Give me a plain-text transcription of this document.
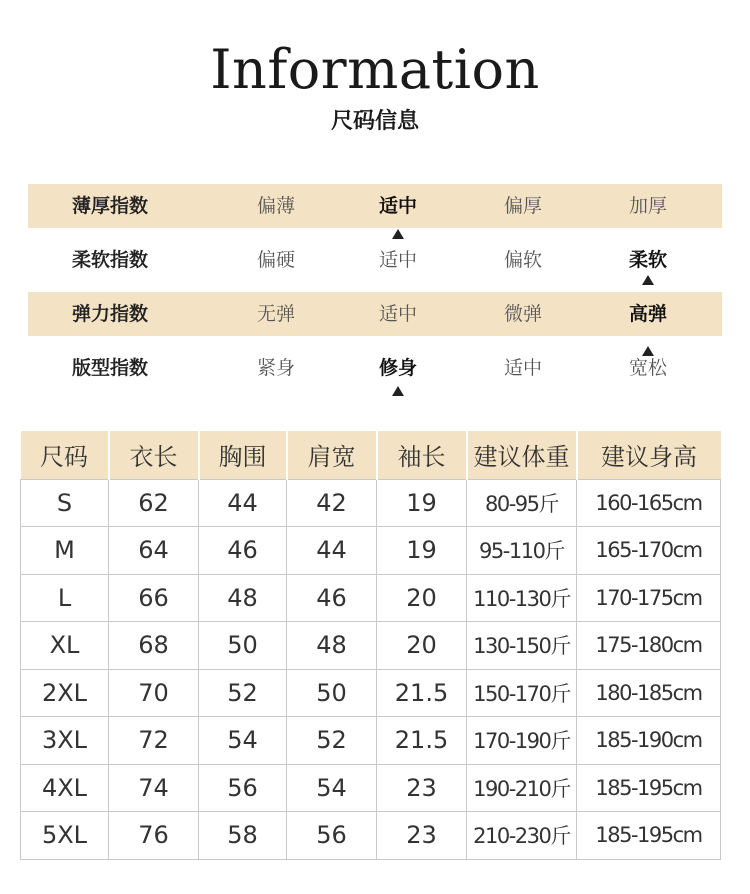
Information
尺码信息
薄厚指数	偏薄	适中	偏厚	加厚
柔软指数	偏硬	适中	偏软	柔软
弹力指数	无弹	适中	微弹	高弹
版型指数	紧身	修身	适中	宽松
尺码	衣长	胸围	肩宽	袖长	建议体重	建议身高
S	62	44	42	19	80-95斤	160-165cm
M	64	46	44	19	95-110斤	165-170cm
L	66	48	46	20	110-130斤	170-175cm
XL	68	50	48	20	130-150斤	175-180cm
2XL	70	52	50	21.5	150-170斤	180-185cm
3XL	72	54	52	21.5	170-190斤	185-190cm
4XL	74	56	54	23	190-210斤	185-195cm
5XL	76	58	56	23	210-230斤	185-195cm
